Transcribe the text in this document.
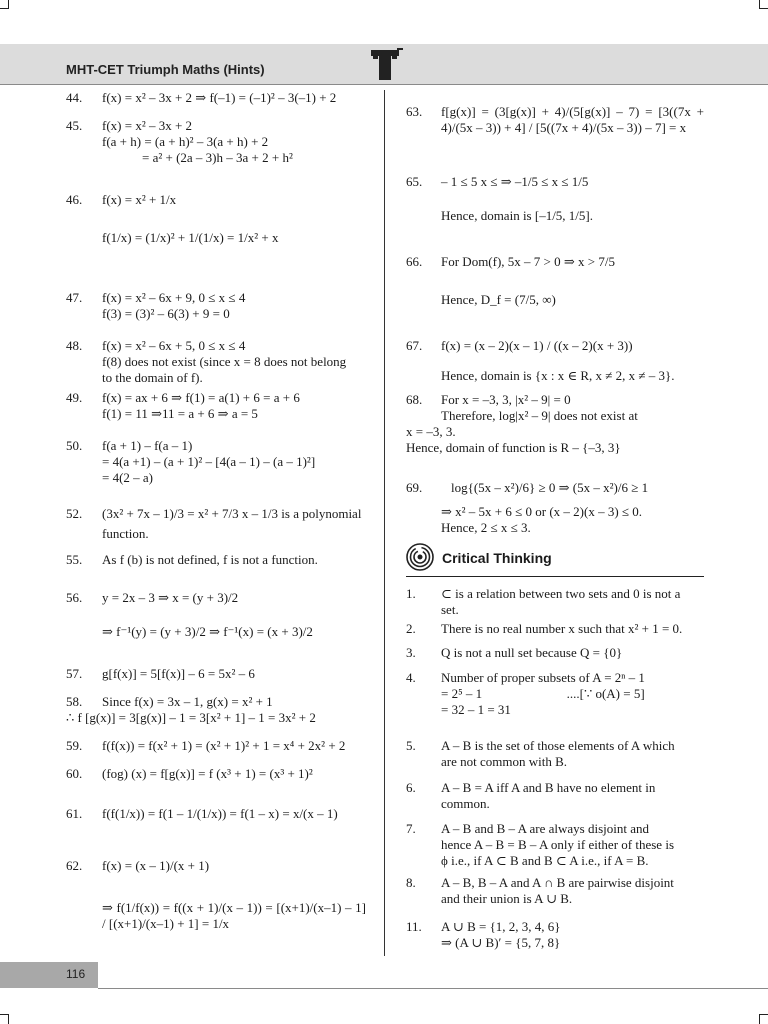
MHT-CET Triumph Maths (Hints)
44. f(x) = x² – 3x + 2 ⇒ f(–1) = (–1)² – 3(–1) + 2
45. f(x) = x² – 3x + 2
f(a + h) = (a + h)² – 3(a + h) + 2
= a² + (2a – 3)h – 3a + 2 + h²
46. f(x) = x² + 1/x
f(1/x) = (1/x)² + 1/(1/x) = 1/x² + x
47. f(x) = x² – 6x + 9, 0 ≤ x ≤ 4
f(3) = (3)² – 6(3) + 9 = 0
48. f(x) = x² – 6x + 5, 0 ≤ x ≤ 4
f(8) does not exist (since x = 8 does not belong
to the domain of f).
49. f(x) = ax + 6 ⇒ f(1) = a(1) + 6 = a + 6
f(1) = 11 ⇒11 = a + 6 ⇒ a = 5
50. f(a + 1) – f(a – 1)
= 4(a +1) – (a + 1)² – [4(a – 1) – (a – 1)²]
= 4(2 – a)
52. (3x² + 7x – 1)/3 = x² + 7/3 x – 1/3 is a polynomial
function.
55. As f (b) is not defined, f is not a function.
56. y = 2x – 3 ⇒ x = (y + 3)/2
⇒ f⁻¹(y) = (y + 3)/2 ⇒ f⁻¹(x) = (x + 3)/2
57. g[f(x)] = 5[f(x)] – 6 = 5x² – 6
58. Since f(x) = 3x – 1, g(x) = x² + 1
∴ f [g(x)] = 3[g(x)] – 1 = 3[x² + 1] – 1 = 3x² + 2
59. f(f(x)) = f(x² + 1) = (x² + 1)² + 1 = x⁴ + 2x² + 2
60. (fog) (x) = f[g(x)] = f (x³ + 1) = (x³ + 1)²
61. f(f(1/x)) = f(1 – 1/(1/x)) = f(1 – x) = x/(x – 1)
62. f(x) = (x – 1)/(x + 1)
⇒ f(1/f(x)) = f((x + 1)/(x – 1)) = [(x+1)/(x–1) – 1] / [(x+1)/(x–1) + 1] = 1/x
63. f[g(x)] = (3[g(x)] + 4)/(5[g(x)] – 7) = [3((7x + 4)/(5x – 3)) + 4] / [5((7x + 4)/(5x – 3)) – 7] = x
65. – 1 ≤ 5 x ≤ ⇒ –1/5 ≤ x ≤ 1/5
Hence, domain is [–1/5, 1/5].
66. For Dom(f), 5x – 7 > 0 ⇒ x > 7/5
Hence, D_f = (7/5, ∞)
67. f(x) = (x – 2)(x – 1) / ((x – 2)(x + 3))
Hence, domain is {x : x ∈ R, x ≠ 2, x ≠ – 3}.
68. For x = –3, 3, |x² – 9| = 0
Therefore, log|x² – 9| does not exist at
x = –3, 3.
Hence, domain of function is R – {–3, 3}
69.	log{(5x – x²)/6} ≥ 0 ⇒ (5x – x²)/6 ≥ 1
⇒ x² – 5x + 6 ≤ 0 or (x – 2)(x – 3) ≤ 0.
Hence, 2 ≤ x ≤ 3.
Critical Thinking
1. ⊂ is a relation between two sets and 0 is not a
set.
2. There is no real number x such that x² + 1 = 0.
3. Q is not a null set because Q = {0}
4. Number of proper subsets of A = 2ⁿ – 1
= 2⁵ – 1                          ....[∵ o(A) = 5]
= 32 – 1 = 31
5. A – B is the set of those elements of A which
are not common with B.
6. A – B = A iff A and B have no element in
common.
7. A – B and B – A are always disjoint and
hence A – B = B – A only if either of these is
ϕ i.e., if A ⊂ B and B ⊂ A i.e., if A = B.
8. A – B, B – A and A ∩ B are pairwise disjoint
and their union is A ∪ B.
11. A ∪ B = {1, 2, 3, 4, 6}
⇒ (A ∪ B)′ = {5, 7, 8}
116
